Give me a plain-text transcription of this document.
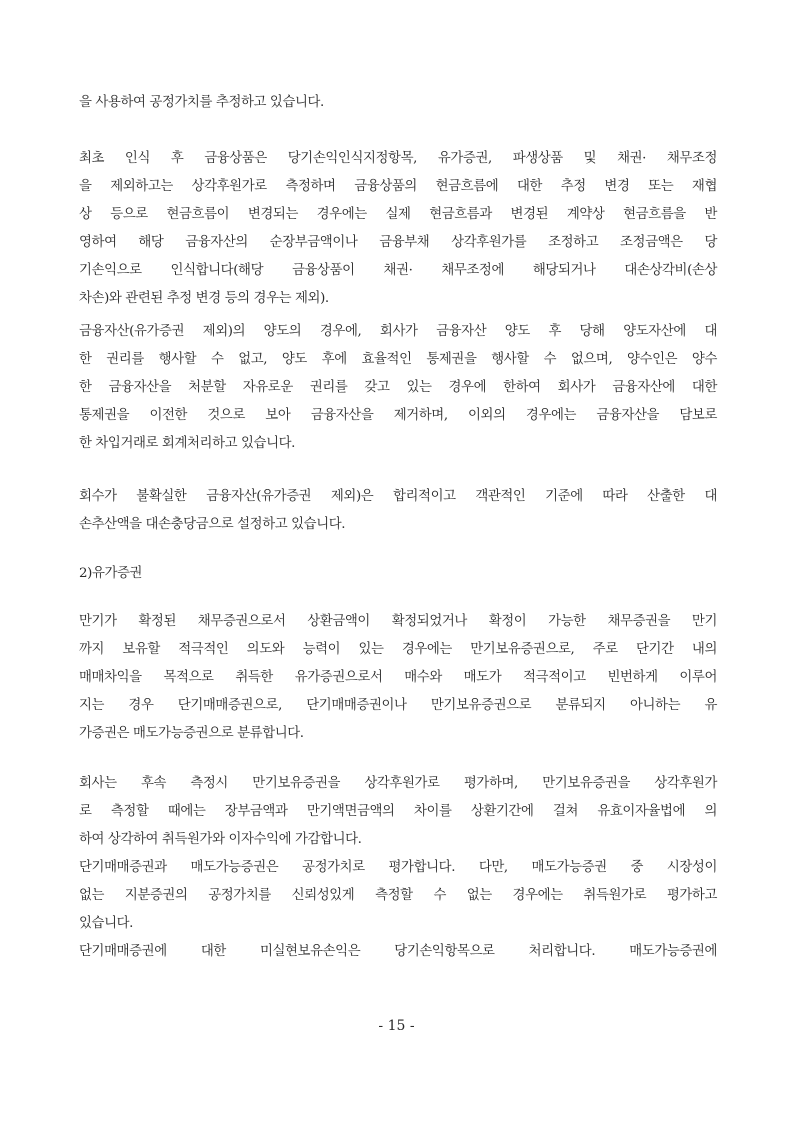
을 사용하여 공정가치를 추정하고 있습니다.
최초 인식 후 금융상품은 당기손익인식지정항목, 유가증권, 파생상품 및 채권· 채무조정
을 제외하고는 상각후원가로 측정하며 금융상품의 현금흐름에 대한 추정 변경 또는 재협
상 등으로 현금흐름이 변경되는 경우에는 실제 현금흐름과 변경된 계약상 현금흐름을 반
영하여 해당 금융자산의 순장부금액이나 금융부채 상각후원가를 조정하고 조정금액은 당
기손익으로 인식합니다(해당 금융상품이 채권· 채무조정에 해당되거나 대손상각비(손상
차손)와 관련된 추정 변경 등의 경우는 제외).
금융자산(유가증권 제외)의 양도의 경우에, 회사가 금융자산 양도 후 당해 양도자산에 대
한 권리를 행사할 수 없고, 양도 후에 효율적인 통제권을 행사할 수 없으며, 양수인은 양수
한 금융자산을 처분할 자유로운 권리를 갖고 있는 경우에 한하여 회사가 금융자산에 대한
통제권을 이전한 것으로 보아 금융자산을 제거하며, 이외의 경우에는 금융자산을 담보로
한 차입거래로 회계처리하고 있습니다.
회수가 불확실한 금융자산(유가증권 제외)은 합리적이고 객관적인 기준에 따라 산출한 대
손추산액을 대손충당금으로 설정하고 있습니다.
2)유가증권
만기가 확정된 채무증권으로서 상환금액이 확정되었거나 확정이 가능한 채무증권을 만기
까지 보유할 적극적인 의도와 능력이 있는 경우에는 만기보유증권으로, 주로 단기간 내의
매매차익을 목적으로 취득한 유가증권으로서 매수와 매도가 적극적이고 빈번하게 이루어
지는 경우 단기매매증권으로, 단기매매증권이나 만기보유증권으로 분류되지 아니하는 유
가증권은 매도가능증권으로 분류합니다.
회사는 후속 측정시 만기보유증권을 상각후원가로 평가하며, 만기보유증권을 상각후원가
로 측정할 때에는 장부금액과 만기액면금액의 차이를 상환기간에 걸쳐 유효이자율법에 의
하여 상각하여 취득원가와 이자수익에 가감합니다.
단기매매증권과 매도가능증권은 공정가치로 평가합니다. 다만, 매도가능증권 중 시장성이
없는 지분증권의 공정가치를 신뢰성있게 측정할 수 없는 경우에는 취득원가로 평가하고
있습니다.
단기매매증권에 대한 미실현보유손익은 당기손익항목으로 처리합니다. 매도가능증권에
- 15 -
